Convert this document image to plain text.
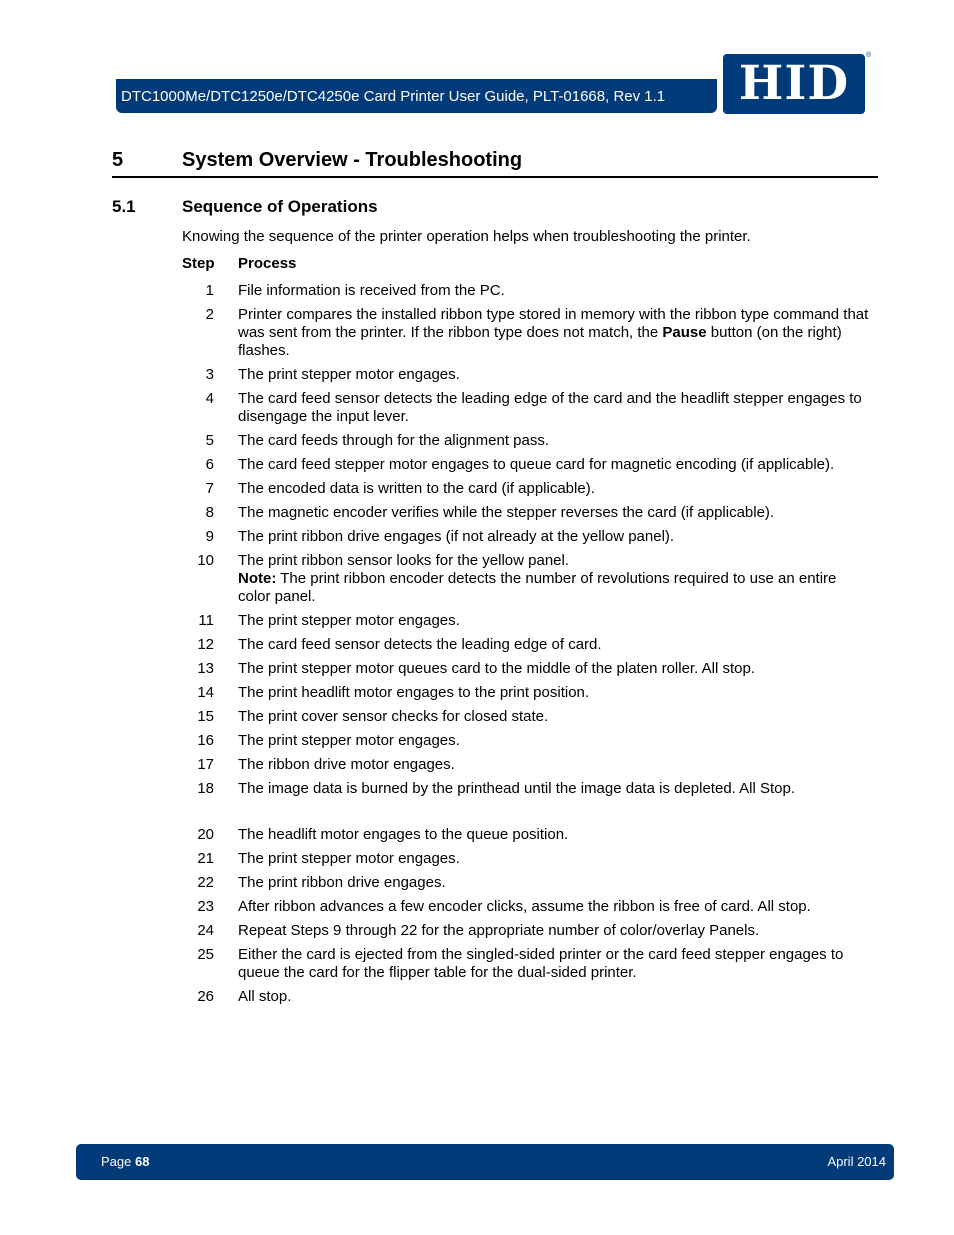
DTC1000Me/DTC1250e/DTC4250e Card Printer User Guide, PLT-01668, Rev 1.1	HID
®
5	System Overview - Troubleshooting
5.1	Sequence of Operations
Knowing the sequence of the printer operation helps when troubleshooting the printer.
Step Process
1 File information is received from the PC.
2 Printer compares the installed ribbon type stored in memory with the ribbon type command that was sent from the printer. If the ribbon type does not match, the Pause button (on the right) flashes.
3 The print stepper motor engages.
4 The card feed sensor detects the leading edge of the card and the headlift stepper engages to disengage the input lever.
5 The card feeds through for the alignment pass.
6 The card feed stepper motor engages to queue card for magnetic encoding (if applicable).
7 The encoded data is written to the card (if applicable).
8 The magnetic encoder verifies while the stepper reverses the card (if applicable).
9 The print ribbon drive engages (if not already at the yellow panel).
10 The print ribbon sensor looks for the yellow panel.
Note: The print ribbon encoder detects the number of revolutions required to use an entire color panel.
11 The print stepper motor engages.
12 The card feed sensor detects the leading edge of card.
13 The print stepper motor queues card to the middle of the platen roller. All stop.
14 The print headlift motor engages to the print position.
15 The print cover sensor checks for closed state.
16 The print stepper motor engages.
17 The ribbon drive motor engages.
18 The image data is burned by the printhead until the image data is depleted. All Stop.
20 The headlift motor engages to the queue position.
21 The print stepper motor engages.
22 The print ribbon drive engages.
23 After ribbon advances a few encoder clicks, assume the ribbon is free of card. All stop.
24 Repeat Steps 9 through 22 for the appropriate number of color/overlay Panels.
25 Either the card is ejected from the singled-sided printer or the card feed stepper engages to queue the card for the flipper table for the dual-sided printer.
26 All stop.
Page 68	April 2014
